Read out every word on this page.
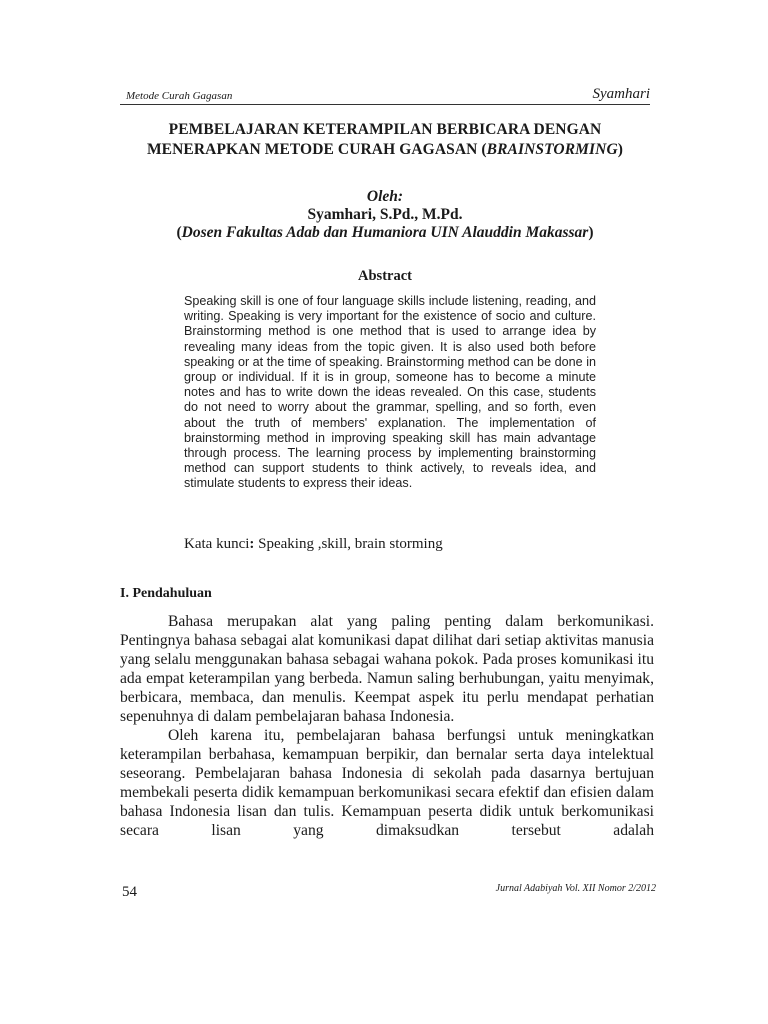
Metode Curah Gagasan	Syamhari
PEMBELAJARAN KETERAMPILAN BERBICARA DENGAN
MENERAPKAN METODE CURAH GAGASAN (BRAINSTORMING)
Oleh:
Syamhari, S.Pd., M.Pd.
(Dosen Fakultas Adab dan Humaniora UIN Alauddin Makassar)
Abstract
Speaking skill is one of four language skills include listening, reading, and writing. Speaking is very important for the existence of socio and culture. Brainstorming method is one method that is used to arrange idea by revealing many ideas from the topic given. It is also used both before speaking or at the time of speaking. Brainstorming method can be done in group or individual. If it is in group, someone has to become a minute notes and has to write down the ideas revealed. On this case, students do not need to worry about the grammar, spelling, and so forth, even about the truth of members' explanation. The implementation of brainstorming method in improving speaking skill has main advantage through process. The learning process by implementing brainstorming method can support students to think actively, to reveals idea, and stimulate students to express their ideas.
Kata kunci: Speaking ,skill, brain storming
I. Pendahuluan

Bahasa merupakan alat yang paling penting dalam berkomunikasi. Pentingnya bahasa sebagai alat komunikasi dapat dilihat dari setiap aktivitas manusia yang selalu menggunakan bahasa sebagai wahana pokok. Pada proses komunikasi itu ada empat keterampilan yang berbeda. Namun saling berhubungan, yaitu menyimak, berbicara, membaca, dan menulis. Keempat aspek itu perlu mendapat perhatian sepenuhnya di dalam pembelajaran bahasa Indonesia.

Oleh karena itu, pembelajaran bahasa berfungsi untuk meningkatkan keterampilan berbahasa, kemampuan berpikir, dan bernalar serta daya intelektual seseorang. Pembelajaran bahasa Indonesia di sekolah pada dasarnya bertujuan membekali peserta didik kemampuan berkomunikasi secara efektif dan efisien dalam bahasa Indonesia lisan dan tulis. Kemampuan peserta didik untuk berkomunikasi secara lisan yang dimaksudkan tersebut adalah

54	Jurnal Adabiyah Vol. XII Nomor 2/2012
